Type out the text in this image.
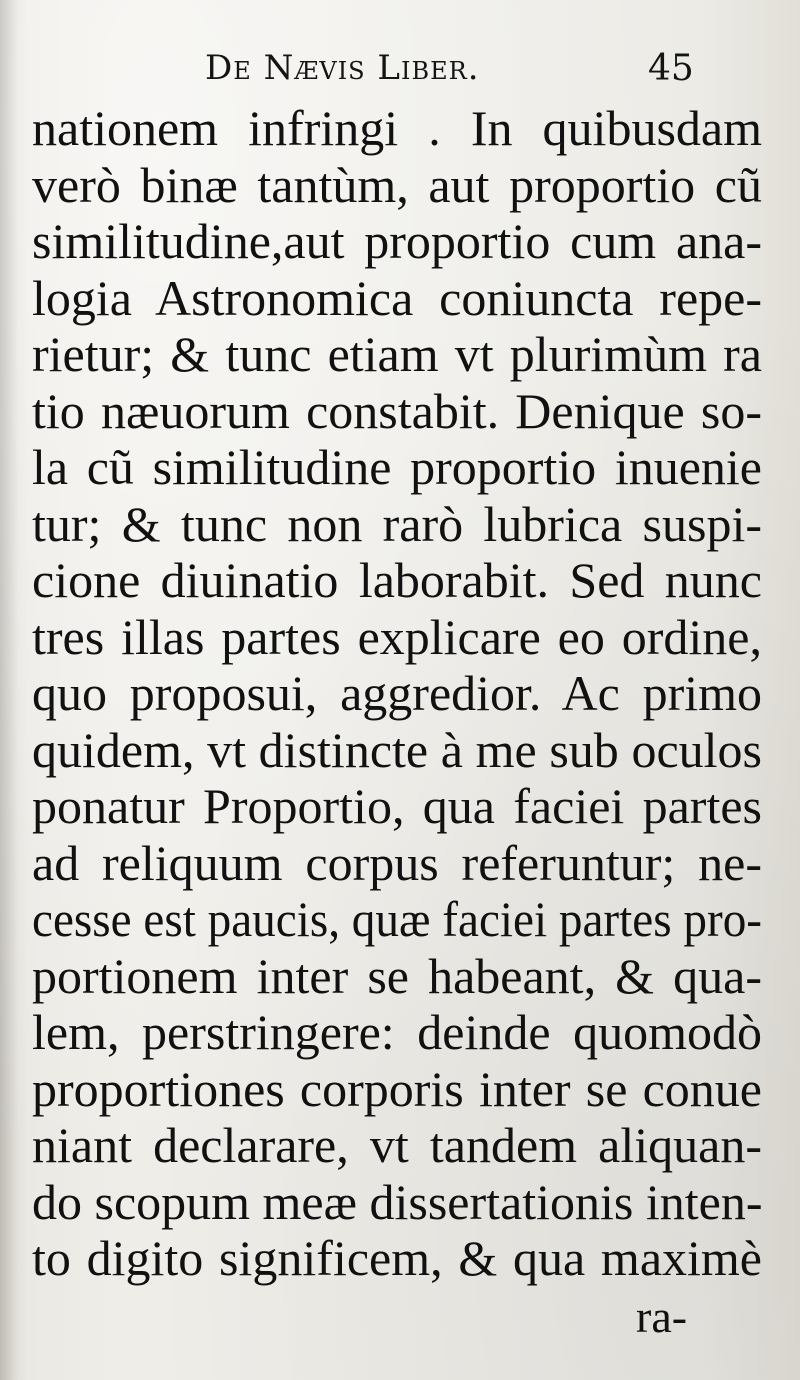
De Nævis Liber.	45
nationem infringi . In quibusdam
verò binæ tantùm, aut proportio cũ
similitudine,aut proportio cum ana-
logia Astronomica coniuncta repe-
rietur; & tunc etiam vt plurimùm ra
tio næuorum constabit. Denique so-
la cũ similitudine proportio inuenie
tur; & tunc non rarò lubrica suspi-
cione diuinatio laborabit. Sed nunc
tres illas partes explicare eo ordine,
quo proposui, aggredior. Ac primo
quidem, vt distincte à me sub oculos
ponatur Proportio, qua faciei partes
ad reliquum corpus referuntur; ne-
cesse est paucis, quæ faciei partes pro-
portionem inter se habeant, & qua-
lem, perstringere: deinde quomodò
proportiones corporis inter se conue
niant declarare, vt tandem aliquan-
do scopum meæ dissertationis inten-
to digito significem, & qua maximè
ra-
